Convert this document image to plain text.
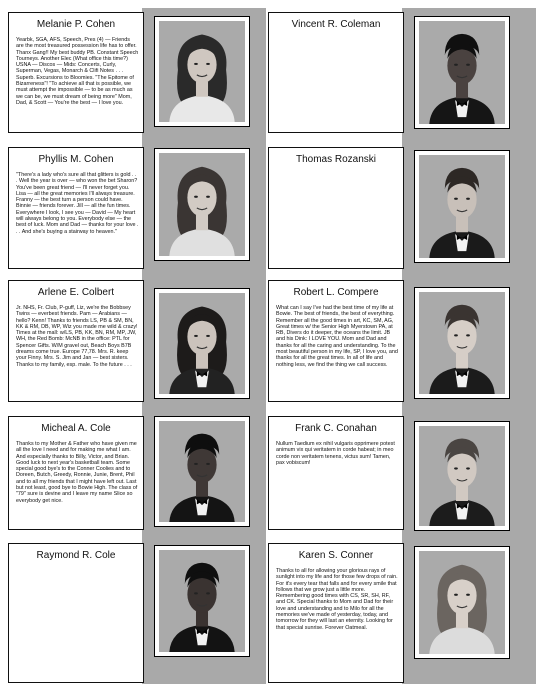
Melanie P. Cohen
Yearbk, SGA, AFS, Speech, Pres (4) — Friends are the most treasured possession life has to offer. Thanx Gang!! My best buddy PB. Constant Speech Tourneys. Another Elec (What office this time?) USNA — Discos — Mids: Concerts, Curly, Superman, Vegas, Monarch & Clifi Notes . . . Superb. Excursions to Bloomies. "The Epitome of Bizarreness"! "To achieve all that is possible, we must attempt the impossible — to be as much as we can be, we must dream of being more" Mom, Dad, & Scott — You're the best — I love you.
Vincent R. Coleman
Phyllis M. Cohen
"There's a lady who's sure all that glitters is gold . . . Well the year is over — who won the bet Sharon? You've been great friend — I'll never forget you. Lisa — all the great memories I'll always treasure. Franny — the best turn a person could have. Binnie — friends forever. Jill — all the fun times. Everywhere I look, I see you — David — My heart will always belong to you. Everybody else — the best of luck. Mom and Dad — thanks for your love . . . And she's buying a stairway to heaven."
Thomas Rozanski
Arlene E. Colbert
Jr. NHS, Fr. Club, P-guff, Liz, we're the Bobbsey Twins — everbest friends. Pam — Arabians — hello? Kenn! Thanks to friends LS, PB & SM, BN, KK & RM, DB, WP, Wiz you made me wild & crazy! Times at the mall: w/LS, PB, KK, BN, RM, MP, JW, WH, the Red Bomb: McNB in the office: PTL for Spencer Gifts. W/M gravel out, Beach Boys B7B dreams come true. Europe 77,78. Mrs. R. keep your Finny. Mrs. S. Jim and Jan — best sisters. Thanks to my family, esp. male. To the future . . .
Robert L. Compere
What can I say I've had the best time of my life at Bowie. The best of friends, the best of everything. Remember all the good times in art, KC, SM, AG, Great times w/ the Senior High Myerstown PA, at RB, Divers do it deeper, the oceans the limit. JB and his Dink: I LOVE YOU. Mom and Dad and thanks for all the caring and understanding. To the most beautiful person in my life, SP, I love you, and thanks for all the great times. In all of life and nothing less, we find the thing we call success.
Micheal A. Cole
Thanks to my Mother & Father who have given me all the love I need and for making me what I am. And especially thanks to Billy, Victor, and Brian. Good luck to next year's basketball team. Some special good bye's to the Conner Coolies and to Doreen, Butch, Greedy, Ronnie, Junie, Brent, Phil and to all my friends that I might have left out. Last but not least, good bye to Bowie High. The class of "79" sure is devine and I leave my name Slice so everybody get nice.
Frank C. Conahan
Nullum Taedium ex nihil vulgaris opprimere potest animum vix qui veritatem in corde habeat; in meo corde non veritatem tenens, victus sum! Tamen, pax vobiscum!
Raymond R. Cole	Karen S. Conner
Thanks to all for allowing your glorious rays of sunlight into my life and for those few drops of rain. For it's every tear that falls and for every smile that follows that we grow just a little more. Remembering good times with CS, SR, SH, RF, and CK. Special thanks to Mom and Dad for their love and understanding and to Milo for all the memories we've made of yesterday, today, and tomorrow for they will last an eternity. Looking for that special sunrise. Forever Oatmeal.
